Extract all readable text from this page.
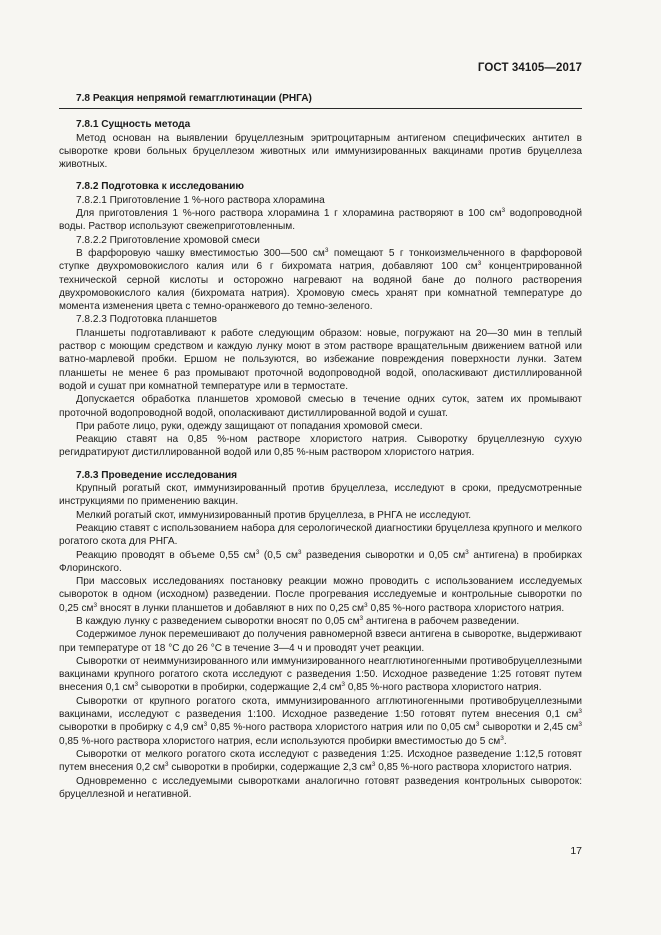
ГОСТ 34105—2017

7.8 Реакция непрямой гемагглютинации (РНГА)

7.8.1 Сущность метода

Метод основан на выявлении бруцеллезным эритроцитарным антигеном специфических антител в сыворотке крови больных бруцеллезом животных или иммунизированных вакцинами против бруцеллеза животных.

7.8.2 Подготовка к исследованию

7.8.2.1 Приготовление 1 %-ного раствора хлорамина

Для приготовления 1 %-ного раствора хлорамина 1 г хлорамина растворяют в 100 $см^3$ водопроводной воды. Раствор используют свежеприготовленным.

7.8.2.2 Приготовление хромовой смеси

В фарфоровую чашку вместимостью 300—500 $см^3$ помещают 5 г тонкоизмельченного в фарфоровой ступке двухромовокислого калия или 6 г бихромата натрия, добавляют 100 $см^3$ концентрированной технической серной кислоты и осторожно нагревают на водяной бане до полного растворения двухромовокислого калия (бихромата натрия). Хромовую смесь хранят при комнатной температуре до момента изменения цвета с темно-оранжевого до темно-зеленого.

7.8.2.3 Подготовка планшетов

Планшеты подготавливают к работе следующим образом: новые, погружают на 20—30 мин в теплый раствор с моющим средством и каждую лунку моют в этом растворе вращательным движением ватной или ватно-марлевой пробки. Ершом не пользуются, во избежание повреждения поверхности лунки. Затем планшеты не менее 6 раз промывают проточной водопроводной водой, ополаскивают дистиллированной водой и сушат при комнатной температуре или в термостате.

Допускается обработка планшетов хромовой смесью в течение одних суток, затем их промывают проточной водопроводной водой, ополаскивают дистиллированной водой и сушат.

При работе лицо, руки, одежду защищают от попадания хромовой смеси.

Реакцию ставят на 0,85 %-ном растворе хлористого натрия. Сыворотку бруцеллезную сухую регидратируют дистиллированной водой или 0,85 %-ным раствором хлористого натрия.

7.8.3 Проведение исследования

Крупный рогатый скот, иммунизированный против бруцеллеза, исследуют в сроки, предусмотренные инструкциями по применению вакцин.

Мелкий рогатый скот, иммунизированный против бруцеллеза, в РНГА не исследуют.

Реакцию ставят с использованием набора для серологической диагностики бруцеллеза крупного и мелкого рогатого скота для РНГА.

Реакцию проводят в объеме 0,55 $см^3$ (0,5 $см^3$ разведения сыворотки и 0,05 $см^3$ антигена) в пробирках Флоринского.

При массовых исследованиях постановку реакции можно проводить с использованием исследуемых сывороток в одном (исходном) разведении. После прогревания исследуемые и контрольные сыворотки по 0,25 $см^3$ вносят в лунки планшетов и добавляют в них по 0,25 $см^3$ 0,85 %-ного раствора хлористого натрия.

В каждую лунку с разведением сыворотки вносят по 0,05 $см^3$ антигена в рабочем разведении.

Содержимое лунок перемешивают до получения равномерной взвеси антигена в сыворотке, выдерживают при температуре от 18 °С до 26 °С в течение 3—4 ч и проводят учет реакции.

Сыворотки от неиммунизированного или иммунизированного неагглютиногенными противобруцеллезными вакцинами крупного рогатого скота исследуют с разведения 1:50. Исходное разведение 1:25 готовят путем внесения 0,1 $см^3$ сыворотки в пробирки, содержащие 2,4 $см^3$ 0,85 %-ного раствора хлористого натрия.

Сыворотки от крупного рогатого скота, иммунизированного агглютиногенными противобруцеллезными вакцинами, исследуют с разведения 1:100. Исходное разведение 1:50 готовят путем внесения 0,1 $см^3$ сыворотки в пробирку с 4,9 $см^3$ 0,85 %-ного раствора хлористого натрия или по 0,05 $см^3$ сыворотки и 2,45 $см^3$ 0,85 %-ного раствора хлористого натрия, если используются пробирки вместимостью до 5 $см^3$.

Сыворотки от мелкого рогатого скота исследуют с разведения 1:25. Исходное разведение 1:12,5 готовят путем внесения 0,2 $см^3$ сыворотки в пробирки, содержащие 2,3 $см^3$ 0,85 %-ного раствора хлористого натрия.

Одновременно с исследуемыми сыворотками аналогично готовят разведения контрольных сывороток: бруцеллезной и негативной.

17
